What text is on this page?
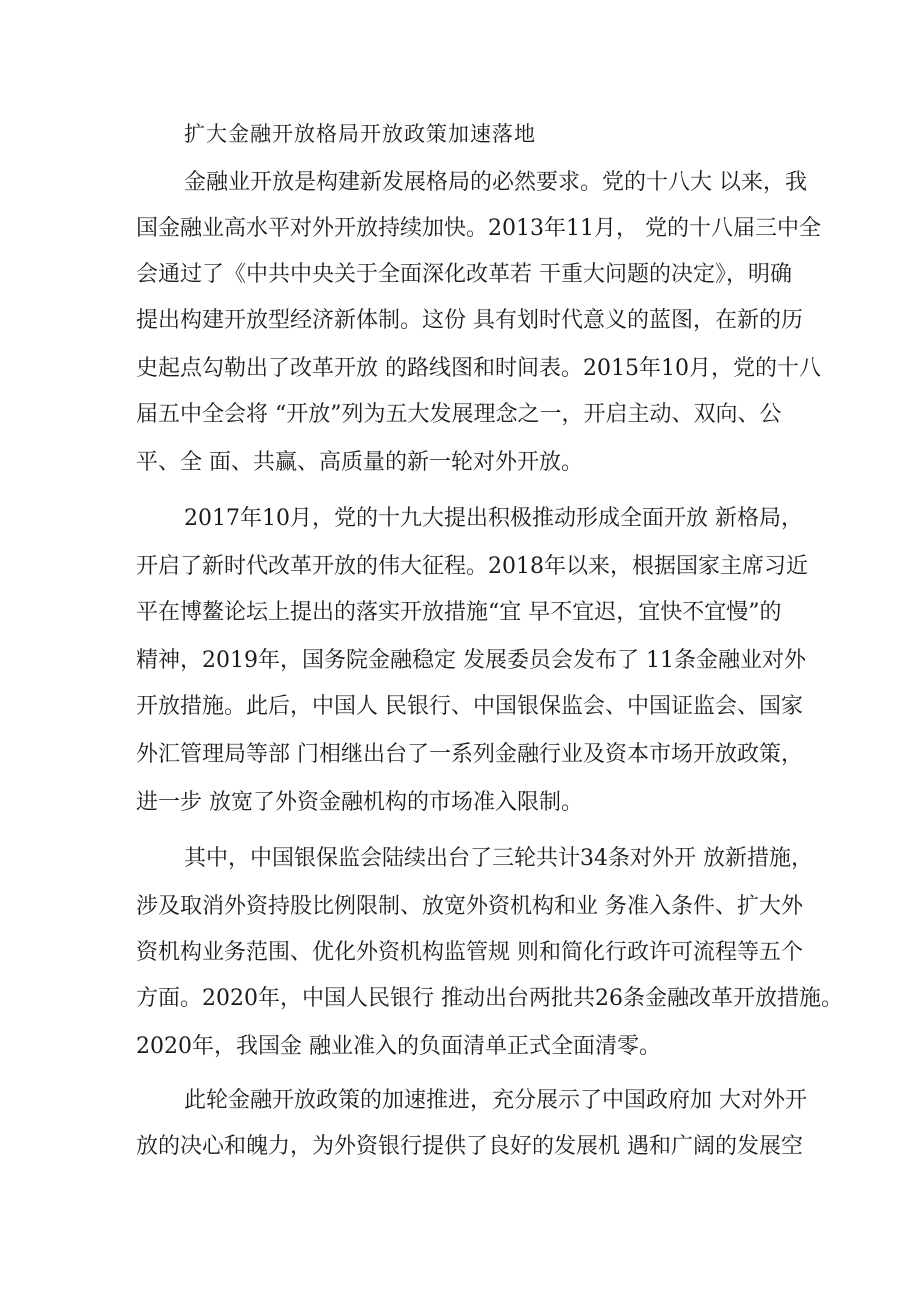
扩大金融开放格局开放政策加速落地
金融业开放是构建新发展格局的必然要求。党的十八大 以来，我
国金融业高水平对外开放持续加快。2013年11月， 党的十八届三中全
会通过了《中共中央关于全面深化改革若 干重大问题的决定》，明确
提出构建开放型经济新体制。这份 具有划时代意义的蓝图，在新的历
史起点勾勒出了改革开放 的路线图和时间表。2015年10月，党的十八
届五中全会将 “开放”列为五大发展理念之一，开启主动、双向、公
平、全 面、共赢、高质量的新一轮对外开放。
2017年10月，党的十九大提出积极推动形成全面开放 新格局，
开启了新时代改革开放的伟大征程。2018年以来，根据国家主席习近
平在博鳌论坛上提出的落实开放措施“宜 早不宜迟，宜快不宜慢”的
精神，2019年，国务院金融稳定 发展委员会发布了 11条金融业对外
开放措施。此后，中国人 民银行、中国银保监会、中国证监会、国家
外汇管理局等部 门相继出台了一系列金融行业及资本市场开放政策，
进一步 放宽了外资金融机构的市场准入限制。
其中，中国银保监会陆续出台了三轮共计34条对外开 放新措施，
涉及取消外资持股比例限制、放宽外资机构和业 务准入条件、扩大外
资机构业务范围、优化外资机构监管规 则和简化行政许可流程等五个
方面。2020年，中国人民银行 推动出台两批共26条金融改革开放措施。
2020年，我国金 融业准入的负面清单正式全面清零。
此轮金融开放政策的加速推进，充分展示了中国政府加 大对外开
放的决心和魄力，为外资银行提供了良好的发展机 遇和广阔的发展空
